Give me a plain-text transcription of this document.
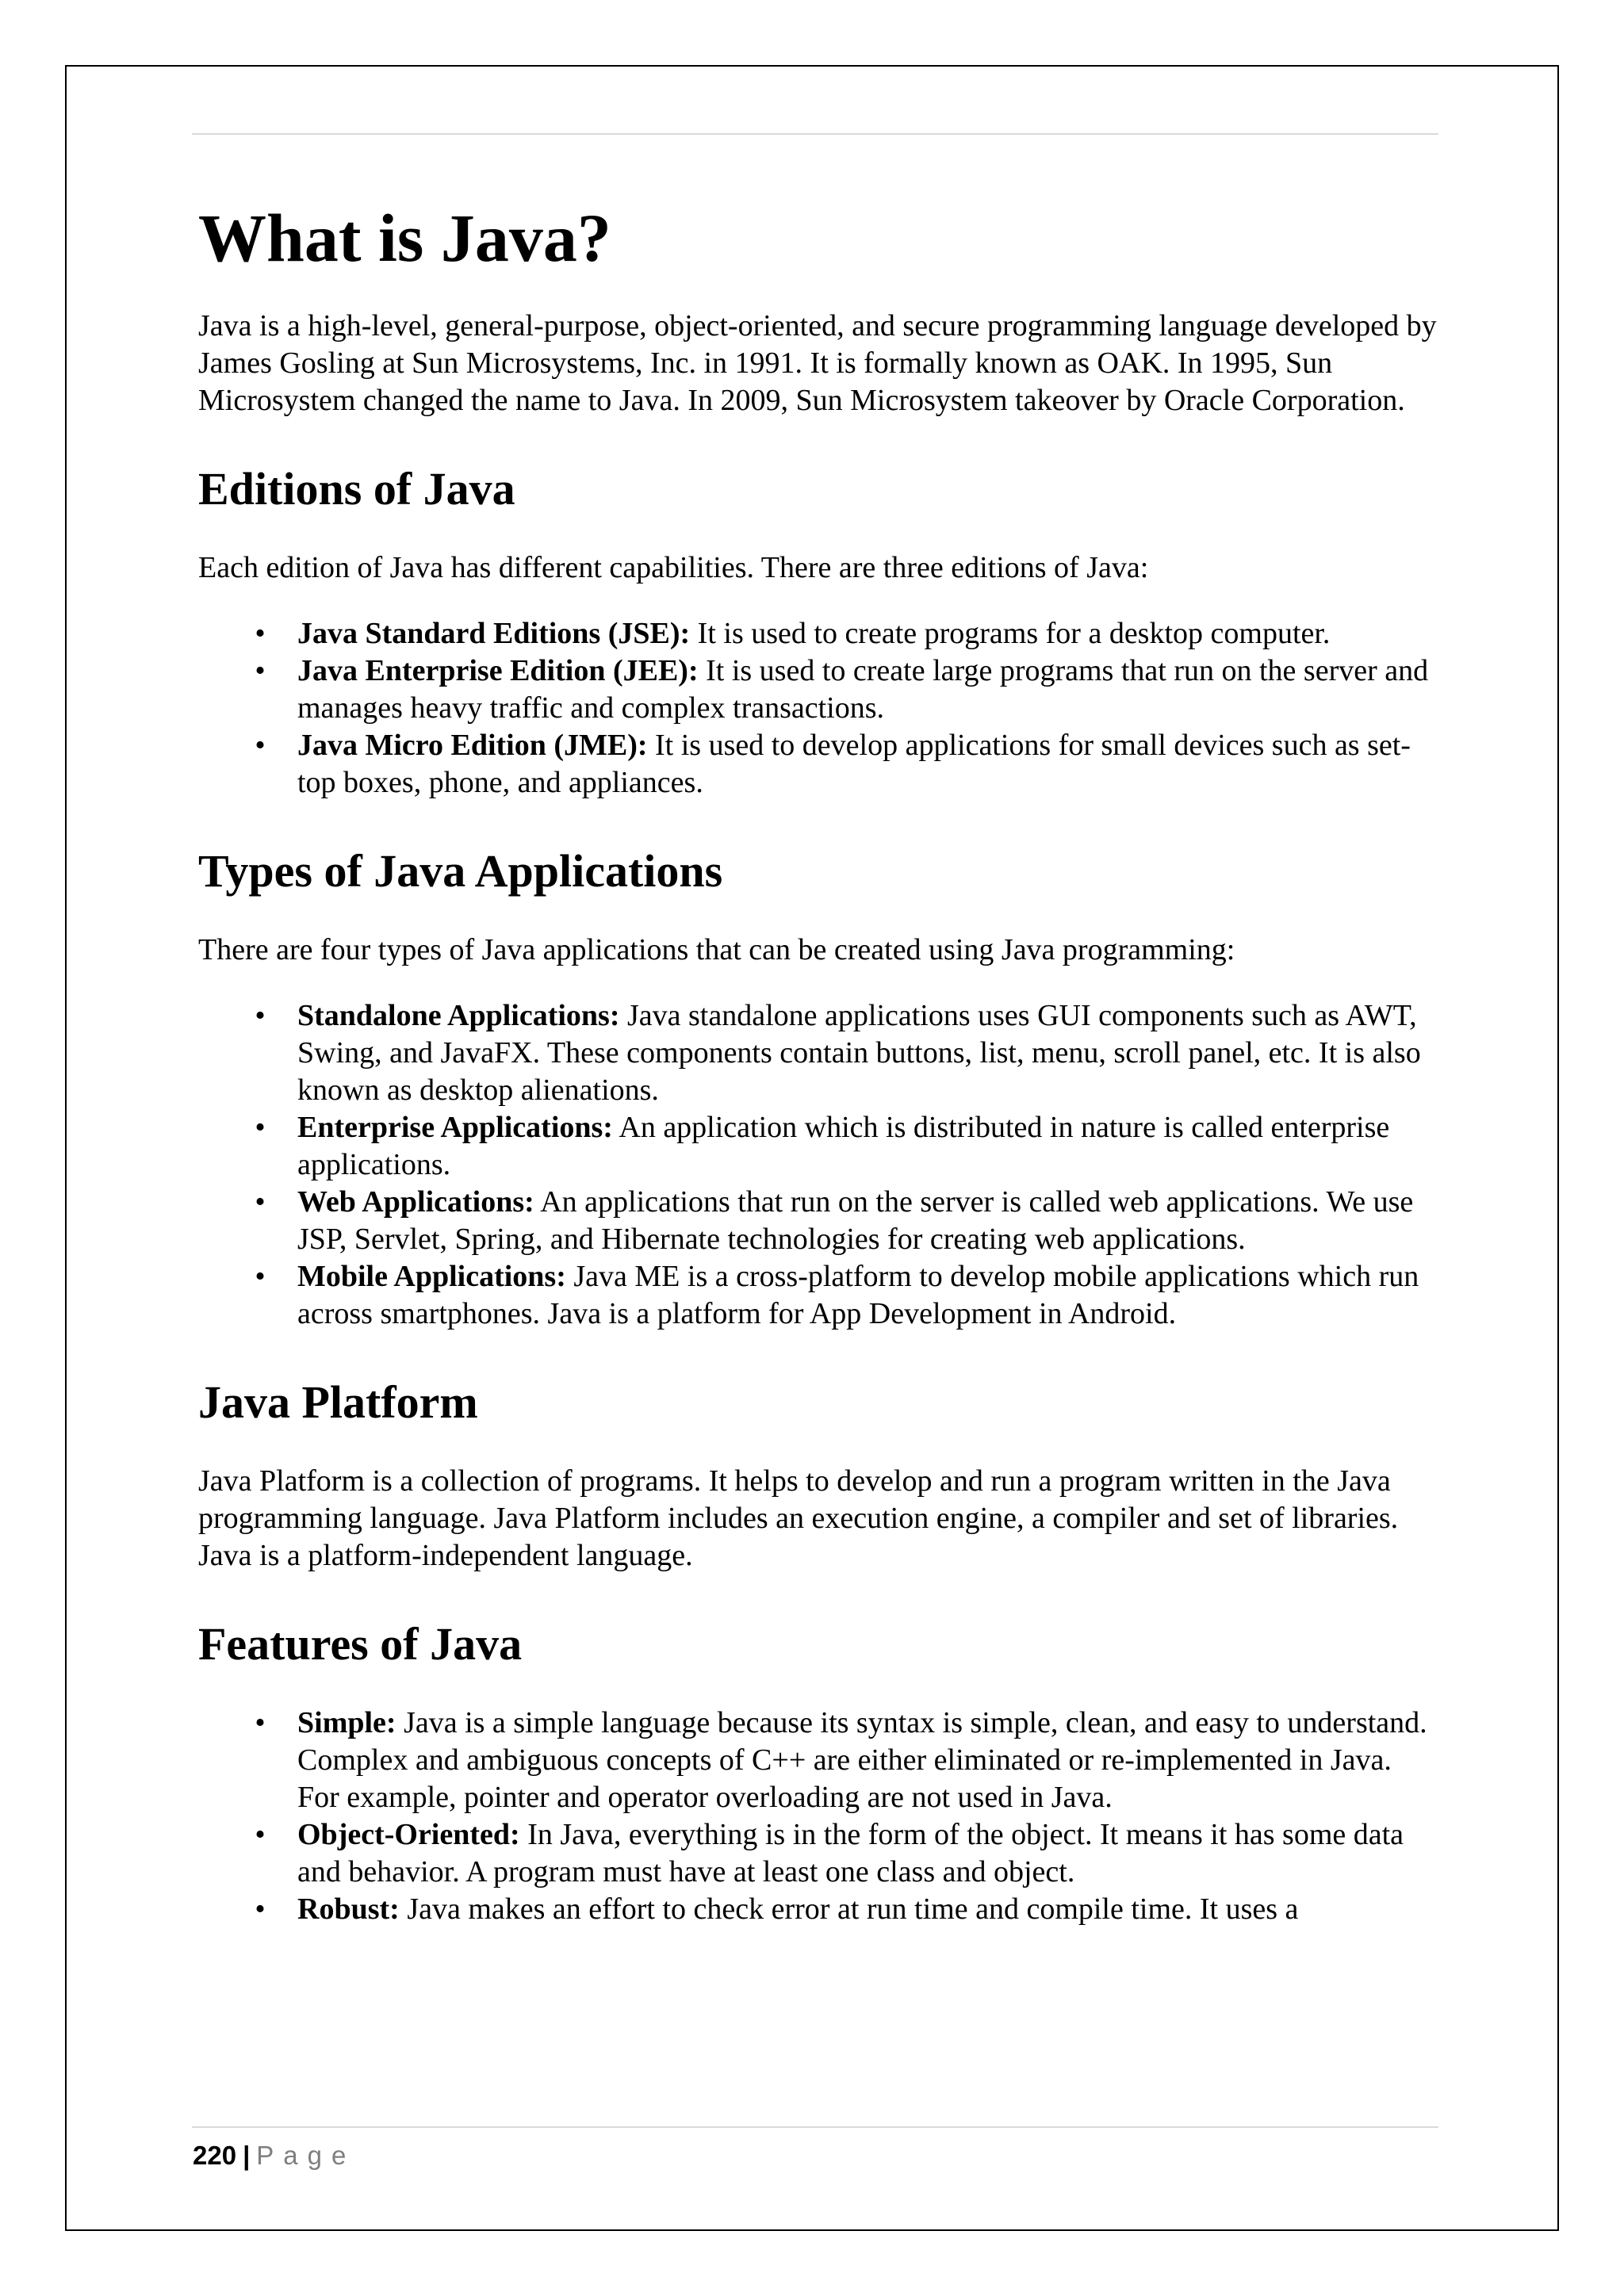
What is Java?

Java is a high-level, general-purpose, object-oriented, and secure programming language developed by James Gosling at Sun Microsystems, Inc. in 1991. It is formally known as OAK. In 1995, Sun Microsystem changed the name to Java. In 2009, Sun Microsystem takeover by Oracle Corporation.

Editions of Java

Each edition of Java has different capabilities. There are three editions of Java:

•	Java Standard Editions (JSE): It is used to create programs for a desktop computer.
•	Java Enterprise Edition (JEE): It is used to create large programs that run on the server and manages heavy traffic and complex transactions.
•	Java Micro Edition (JME): It is used to develop applications for small devices such as set-top boxes, phone, and appliances.
Types of Java Applications

There are four types of Java applications that can be created using Java programming:

•	Standalone Applications: Java standalone applications uses GUI components such as AWT, Swing, and JavaFX. These components contain buttons, list, menu, scroll panel, etc. It is also known as desktop alienations.
•	Enterprise Applications: An application which is distributed in nature is called enterprise applications.
•	Web Applications: An applications that run on the server is called web applications. We use JSP, Servlet, Spring, and Hibernate technologies for creating web applications.
•	Mobile Applications: Java ME is a cross-platform to develop mobile applications which run across smartphones. Java is a platform for App Development in Android.
Java Platform

Java Platform is a collection of programs. It helps to develop and run a program written in the Java programming language. Java Platform includes an execution engine, a compiler and set of libraries. Java is a platform-independent language.

Features of Java
•	Simple: Java is a simple language because its syntax is simple, clean, and easy to understand. Complex and ambiguous concepts of C++ are either eliminated or re-implemented in Java. For example, pointer and operator overloading are not used in Java.
•	Object-Oriented: In Java, everything is in the form of the object. It means it has some data and behavior. A program must have at least one class and object.
•	Robust: Java makes an effort to check error at run time and compile time. It uses a
220 | Page
